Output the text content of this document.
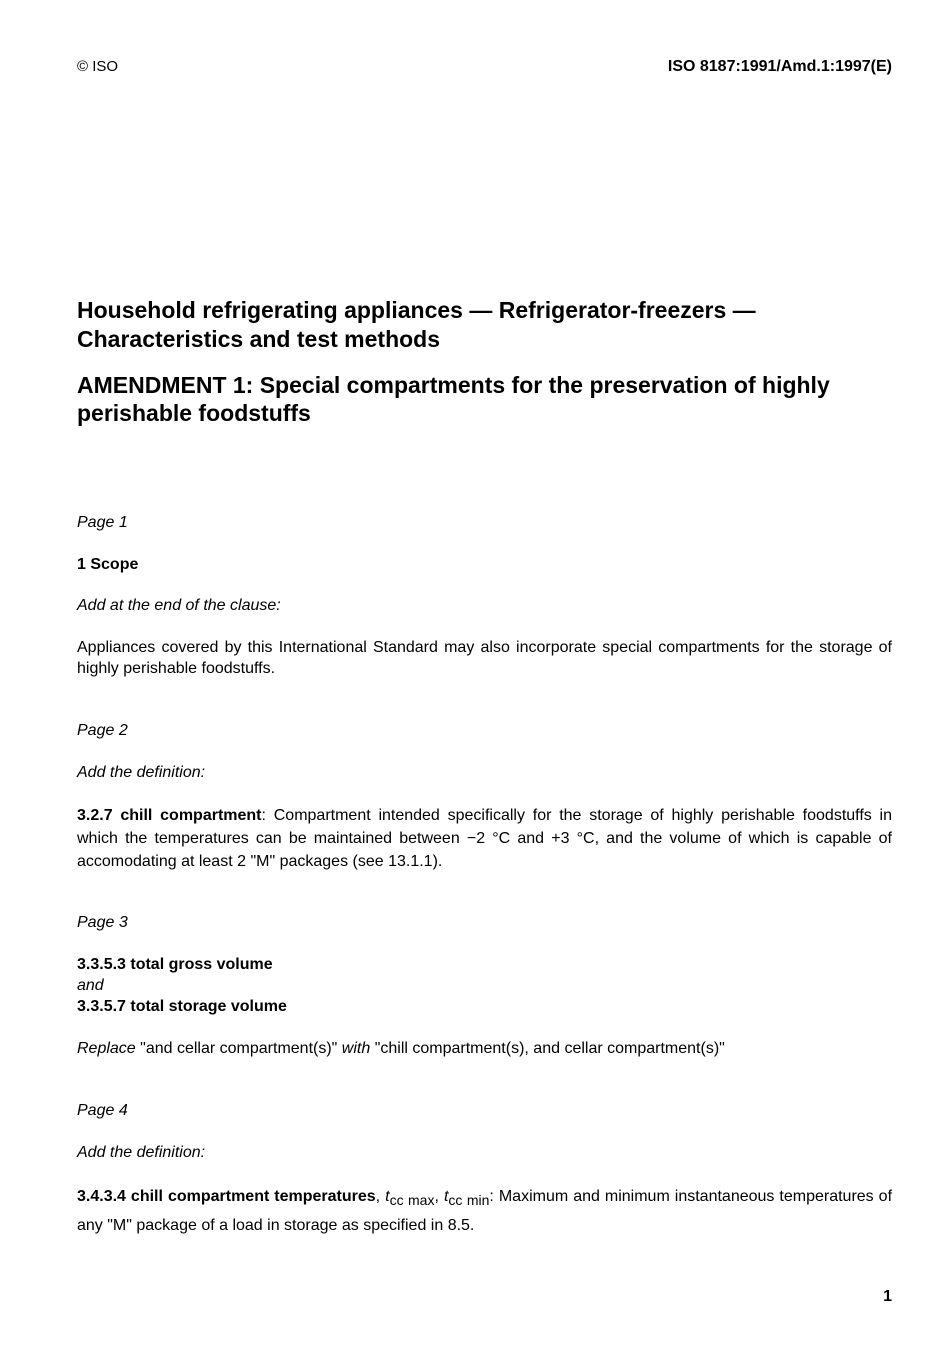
© ISO	ISO 8187:1991/Amd.1:1997(E)
Household refrigerating appliances — Refrigerator-freezers —
Characteristics and test methods
AMENDMENT 1: Special compartments for the preservation of highly perishable foodstuffs

Page 1

1 Scope

Add at the end of the clause:

Appliances covered by this International Standard may also incorporate special compartments for the storage of highly perishable foodstuffs.

Page 2

Add the definition:

3.2.7 chill compartment: Compartment intended specifically for the storage of highly perishable foodstuffs in which the temperatures can be maintained between −2 °C and +3 °C, and the volume of which is capable of accomodating at least 2 "M" packages (see 13.1.1).

Page 3

3.3.5.3 total gross volume

and

3.3.5.7 total storage volume

Replace "and cellar compartment(s)" with "chill compartment(s), and cellar compartment(s)"

Page 4

Add the definition:

3.4.3.4 chill compartment temperatures, tcc max, tcc min: Maximum and minimum instantaneous temperatures of any "M" package of a load in storage as specified in 8.5.

1
